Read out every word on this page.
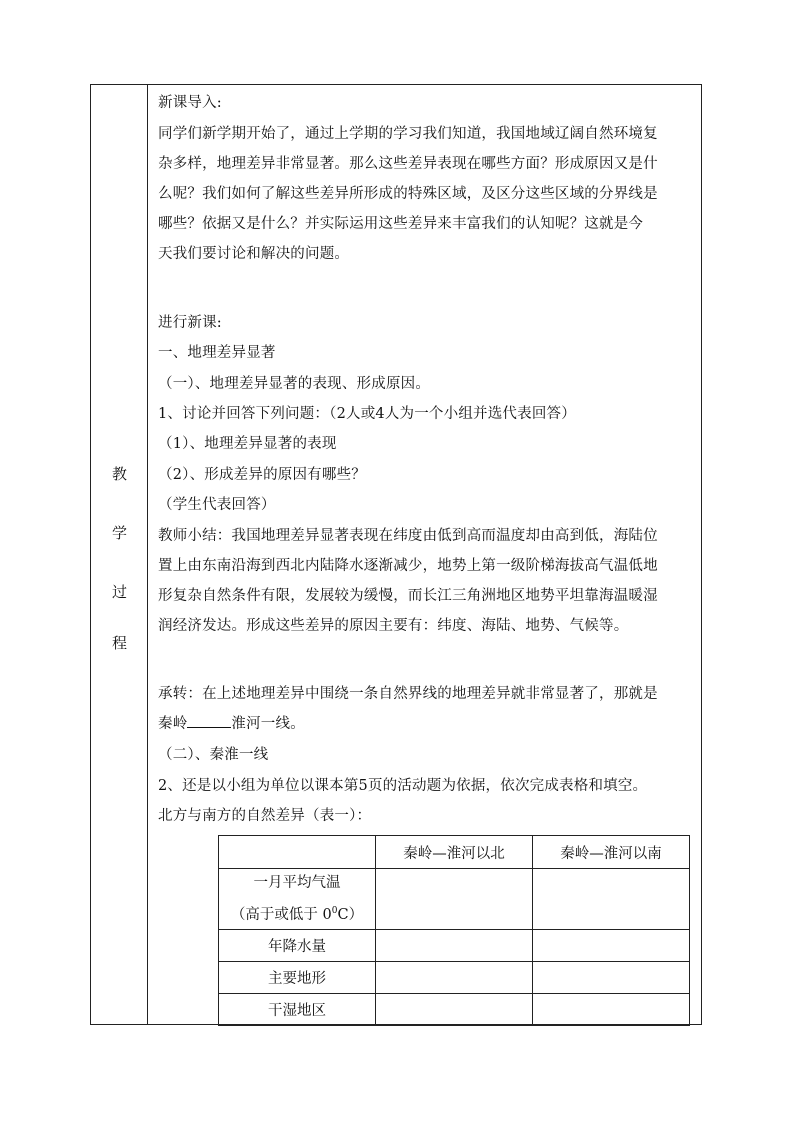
教
学
过
程
新课导入:
同学们新学期开始了，通过上学期的学习我们知道，我国地域辽阔自然环境复
杂多样，地理差异非常显著。那么这些差异表现在哪些方面？形成原因又是什
么呢？我们如何了解这些差异所形成的特殊区域，及区分这些区域的分界线是
哪些？依据又是什么？并实际运用这些差异来丰富我们的认知呢？这就是今
天我们要讨论和解决的问题。
进行新课:
一、地理差异显著
（一）、地理差异显著的表现、形成原因。
1、讨论并回答下列问题：（2人或4人为一个小组并选代表回答）
（1）、地理差异显著的表现
（2）、形成差异的原因有哪些？
（学生代表回答）
教师小结：我国地理差异显著表现在纬度由低到高而温度却由高到低，海陆位
置上由东南沿海到西北内陆降水逐渐减少，地势上第一级阶梯海拔高气温低地
形复杂自然条件有限，发展较为缓慢，而长江三角洲地区地势平坦靠海温暖湿
润经济发达。形成这些差异的原因主要有：纬度、海陆、地势、气候等。
承转：在上述地理差异中围绕一条自然界线的地理差异就非常显著了，那就是
秦岭	淮河一线。
（二）、秦淮一线
2、还是以小组为单位以课本第5页的活动题为依据，依次完成表格和填空。
北方与南方的自然差异（表一）：
	秦岭—淮河以北	秦岭—淮河以南
一月平均气温
（高于或低于 $0^0C$）		
年降水量		
主要地形		
干湿地区		
